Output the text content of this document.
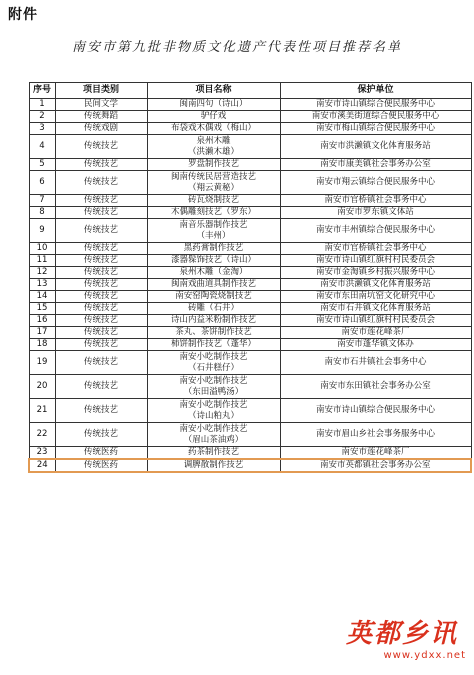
附件
南安市第九批非物质文化遗产代表性项目推荐名单
序号	项目类别	项目名称	保护单位
1	民间文学	闽南四句（诗山）	南安市诗山镇综合便民服务中心
2	传统舞蹈	驴仔戏	南安市溪美街道综合便民服务中心
3	传统戏剧	布袋戏木偶戏（梅山）	南安市梅山镇综合便民服务中心
4	传统技艺	泉州木雕
（洪濑木雄）	南安市洪濑镇文化体育服务站
5	传统技艺	罗盘制作技艺	南安市康美镇社会事务办公室
6	传统技艺	闽南传统民居营造技艺
（翔云黄秘）	南安市翔云镇综合便民服务中心
7	传统技艺	砖瓦烧制技艺	南安市官桥镇社会事务中心
8	传统技艺	木偶雕刻技艺（罗东）	南安市罗东镇文体站
9	传统技艺	南音乐器制作技艺
（丰州）	南安市丰州镇综合便民服务中心
10	传统技艺	黑药膏制作技艺	南安市官桥镇社会事务中心
11	传统技艺	漆器髹饰技艺（诗山）	南安市诗山镇红旗村村民委员会
12	传统技艺	泉州木雕（金淘）	南安市金淘镇乡村振兴服务中心
13	传统技艺	闽南戏曲道具制作技艺	南安市洪濑镇文化体育服务站
14	传统技艺	南安窑陶瓷烧制技艺	南安市东田南坑窑文化研究中心
15	传统技艺	砖雕（石井）	南安市石井镇文化体育服务站
16	传统技艺	诗山内益米粉制作技艺	南安市诗山镇红旗村村民委员会
17	传统技艺	茶丸、茶饼制作技艺	南安市莲花峰茶厂
18	传统技艺	柿饼制作技艺（蓬华）	南安市蓬华镇文体办
19	传统技艺	南安小吃制作技艺
（石井糕仔）	南安市石井镇社会事务中心
20	传统技艺	南安小吃制作技艺
（东田溢鸭汤）	南安市东田镇社会事务办公室
21	传统技艺	南安小吃制作技艺
（诗山粕丸）	南安市诗山镇综合便民服务中心
22	传统技艺	南安小吃制作技艺
（眉山茶油鸡）	南安市眉山乡社会事务服务中心
23	传统医药	药茶制作技艺	南安市莲花峰茶厂
24	传统医药	调脾散制作技艺	南安市英都镇社会事务办公室
英都乡讯
www.ydxx.net
